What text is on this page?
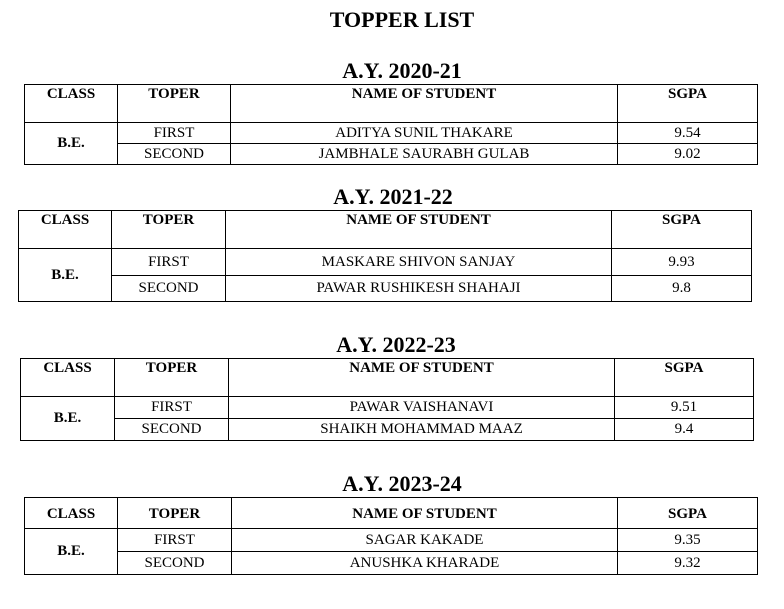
TOPPER LIST
A.Y. 2020-21
CLASS	TOPER	NAME OF STUDENT	SGPA
B.E.	FIRST	ADITYA SUNIL THAKARE	9.54
	SECOND	JAMBHALE SAURABH GULAB	9.02
A.Y. 2021-22
CLASS	TOPER	NAME OF STUDENT	SGPA
B.E.	FIRST	MASKARE SHIVON SANJAY	9.93
	SECOND	PAWAR RUSHIKESH SHAHAJI	9.8
A.Y. 2022-23
CLASS	TOPER	NAME OF STUDENT	SGPA
B.E.	FIRST	PAWAR VAISHANAVI	9.51
	SECOND	SHAIKH MOHAMMAD MAAZ	9.4
A.Y. 2023-24
CLASS	TOPER	NAME OF STUDENT	SGPA
B.E.	FIRST	SAGAR KAKADE	9.35
	SECOND	ANUSHKA KHARADE	9.32
